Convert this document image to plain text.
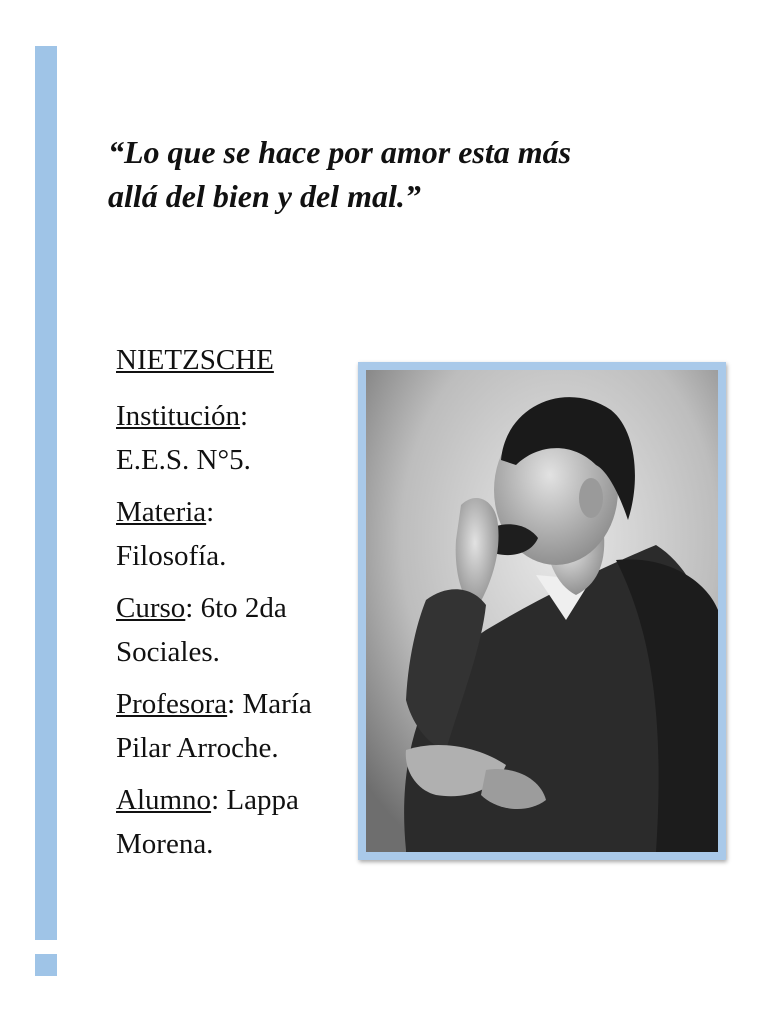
“Lo que se hace por amor esta más
allá del bien y del mal.”

NIETZSCHE
Institución:
E.E.S. N°5.
Materia:
Filosofía.
Curso: 6to 2da
Sociales.
Profesora: María
Pilar Arroche.
Alumno: Lappa
Morena.
